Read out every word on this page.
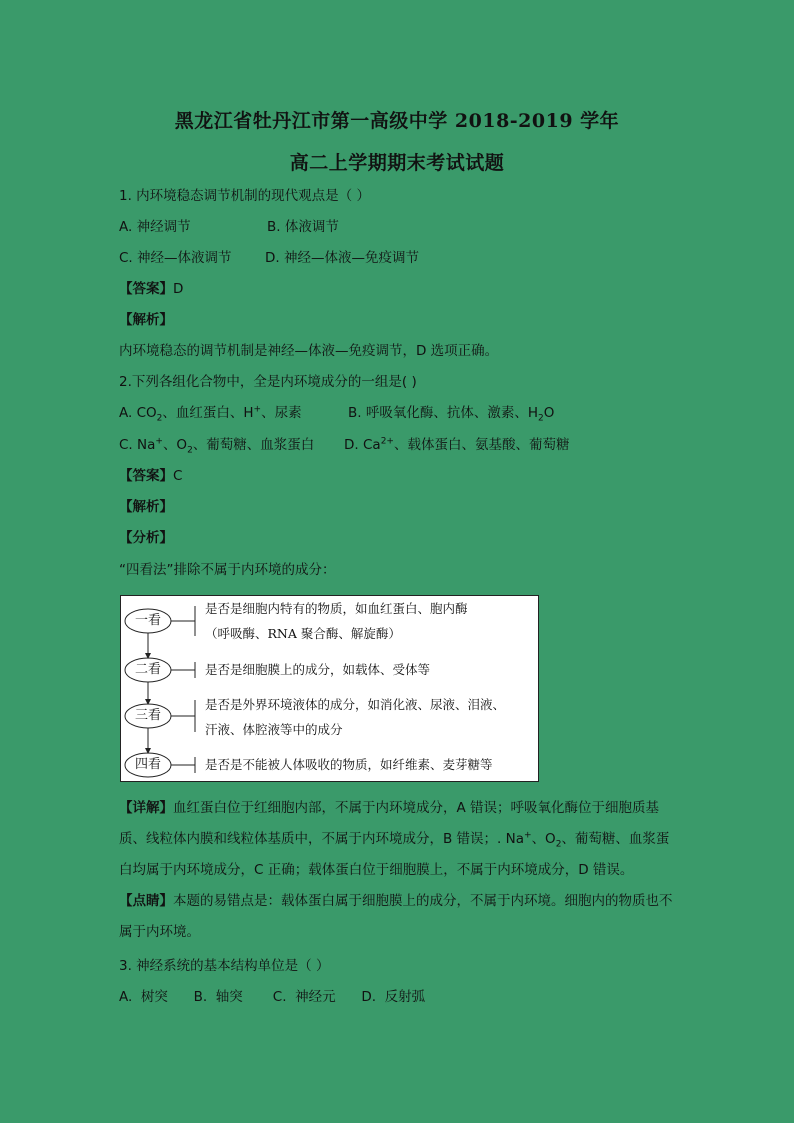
黑龙江省牡丹江市第一高级中学 2018-2019 学年
高二上学期期末考试试题
1. 内环境稳态调节机制的现代观点是（ ）
A. 神经调节	B. 体液调节
C. 神经—体液调节 D. 神经—体液—免疫调节
【答案】D
【解析】
内环境稳态的调节机制是神经—体液—免疫调节，D 选项正确。
2.下列各组化合物中，全是内环境成分的一组是( )
A. $CO_2$、血红蛋白、H+、尿素	B. 呼吸氧化酶、抗体、激素、$H_2O$
C. Na+、$O_2$、葡萄糖、血浆蛋白 D. $Ca^{2+}$、载体蛋白、氨基酸、葡萄糖
【答案】C
【解析】
【分析】
“四看法”排除不属于内环境的成分：
一看
二看
三看
四看
是否是细胞内特有的物质，如血红蛋白、胞内酶
（呼吸酶、RNA 聚合酶、解旋酶）
是否是细胞膜上的成分，如载体、受体等
是否是外界环境液体的成分，如消化液、尿液、泪液、
汗液、体腔液等中的成分
是否是不能被人体吸收的物质，如纤维素、麦芽糖等
【详解】血红蛋白位于红细胞内部，不属于内环境成分，A 错误；呼吸氧化酶位于细胞质基质、线粒体内膜和线粒体基质中，不属于内环境成分，B 错误；. Na+、$O_2$、葡萄糖、血浆蛋白均属于内环境成分，C 正确；载体蛋白位于细胞膜上，不属于内环境成分，D 错误。
【点睛】本题的易错点是：载体蛋白属于细胞膜上的成分，不属于内环境。细胞内的物质也不属于内环境。
3. 神经系统的基本结构单位是（ ）
A.  树突      B.  轴突       C.  神经元      D.  反射弧
